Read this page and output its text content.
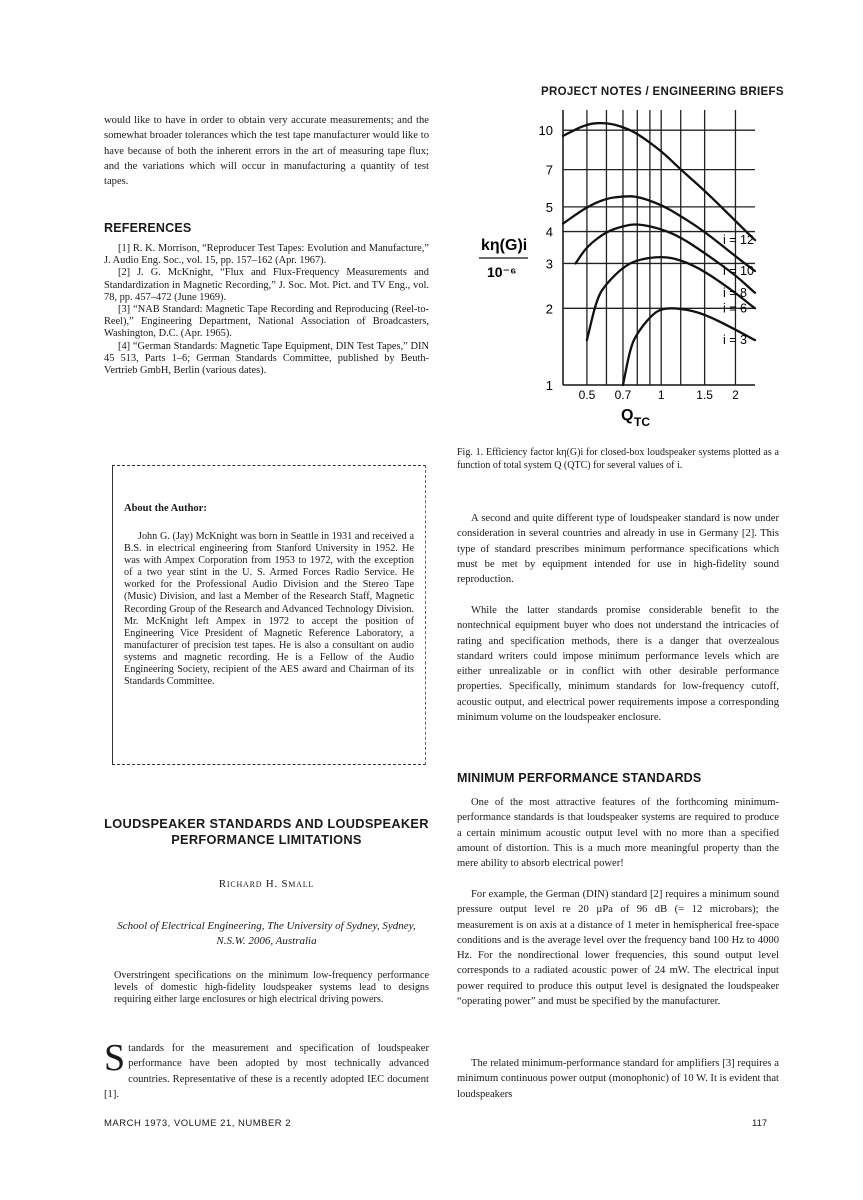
PROJECT NOTES / ENGINEERING BRIEFS

would like to have in order to obtain very accurate measurements; and the somewhat broader tolerances which the test tape manufacturer would like to have because of both the inherent errors in the art of measuring tape flux; and the variations which will occur in manufacturing a quantity of test tapes.

REFERENCES

[1] R. K. Morrison, “Reproducer Test Tapes: Evolution and Manufacture,” J. Audio Eng. Soc., vol. 15, pp. 157–162 (Apr. 1967).

[2] J. G. McKnight, “Flux and Flux-Frequency Measurements and Standardization in Magnetic Recording,” J. Soc. Mot. Pict. and TV Eng., vol. 78, pp. 457–472 (June 1969).

[3] “NAB Standard: Magnetic Tape Recording and Reproducing (Reel-to-Reel),” Engineering Department, National Association of Broadcasters, Washington, D.C. (Apr. 1965).

[4] “German Standards: Magnetic Tape Equipment, DIN Test Tapes,” DIN 45 513, Parts 1–6; German Standards Committee, published by Beuth-Vertrieb GmbH, Berlin (various dates).

About the Author:

John G. (Jay) McKnight was born in Seattle in 1931 and received a B.S. in electrical engineering from Stanford University in 1952. He was with Ampex Corporation from 1953 to 1972, with the exception of a two year stint in the U. S. Armed Forces Radio Service. He worked for the Professional Audio Division and the Stereo Tape (Music) Division, and last a Member of the Research Staff, Magnetic Recording Group of the Research and Advanced Technology Division. Mr. McKnight left Ampex in 1972 to accept the position of Engineering Vice President of Magnetic Reference Laboratory, a manufacturer of precision test tapes. He is also a consultant on audio systems and magnetic recording. He is a Fellow of the Audio Engineering Society, recipient of the AES award and Chairman of its Standards Committee.

LOUDSPEAKER STANDARDS AND LOUDSPEAKER PERFORMANCE LIMITATIONS
Richard H. Small
School of Electrical Engineering, The University of Sydney, Sydney, N.S.W. 2006, Australia

Overstringent specifications on the minimum low-frequency performance levels of domestic high-fidelity loudspeaker systems lead to designs requiring either large enclosures or high electrical driving powers.

S tandards for the measurement and specification of loudspeaker performance have been adopted by most technically advanced countries. Representative of these is a recently adopted IEC document [1].

1
2
3
4
5
7
10
0.5 0.7 1	1.5 2
i = 12
i = 10
i = 8
i = 6
i = 3
kη(G)i
10⁻⁶
Q TC

Fig. 1. Efficiency factor kη(G)i for closed-box loudspeaker systems plotted as a function of total system Q (QTC) for several values of i.

A second and quite different type of loudspeaker standard is now under consideration in several countries and already in use in Germany [2]. This type of standard prescribes minimum performance specifications which must be met by equipment intended for use in high-fidelity sound reproduction.

While the latter standards promise considerable benefit to the nontechnical equipment buyer who does not understand the intricacies of rating and specification methods, there is a danger that overzealous standard writers could impose minimum performance levels which are either unrealizable or in conflict with other desirable performance properties. Specifically, minimum standards for low-frequency cutoff, acoustic output, and electrical power requirements impose a corresponding minimum volume on the loudspeaker enclosure.

MINIMUM PERFORMANCE STANDARDS

One of the most attractive features of the forthcoming minimum-performance standards is that loudspeaker systems are required to produce a certain minimum acoustic output level with no more than a specified amount of distortion. This is a much more meaningful property than the mere ability to absorb electrical power!

For example, the German (DIN) standard [2] requires a minimum sound pressure output level re 20 µPa of 96 dB (= 12 microbars); the measurement is on axis at a distance of 1 meter in hemispherical free-space conditions and is the average level over the frequency band 100 Hz to 4000 Hz. For the nondirectional lower frequencies, this sound output level corresponds to a radiated acoustic power of 24 mW. The electrical input power required to produce this output level is designated the loudspeaker “operating power” and must be specified by the manufacturer.

The related minimum-performance standard for amplifiers [3] requires a minimum continuous power output (monophonic) of 10 W. It is evident that loudspeakers

MARCH 1973, VOLUME 21, NUMBER 2	117
